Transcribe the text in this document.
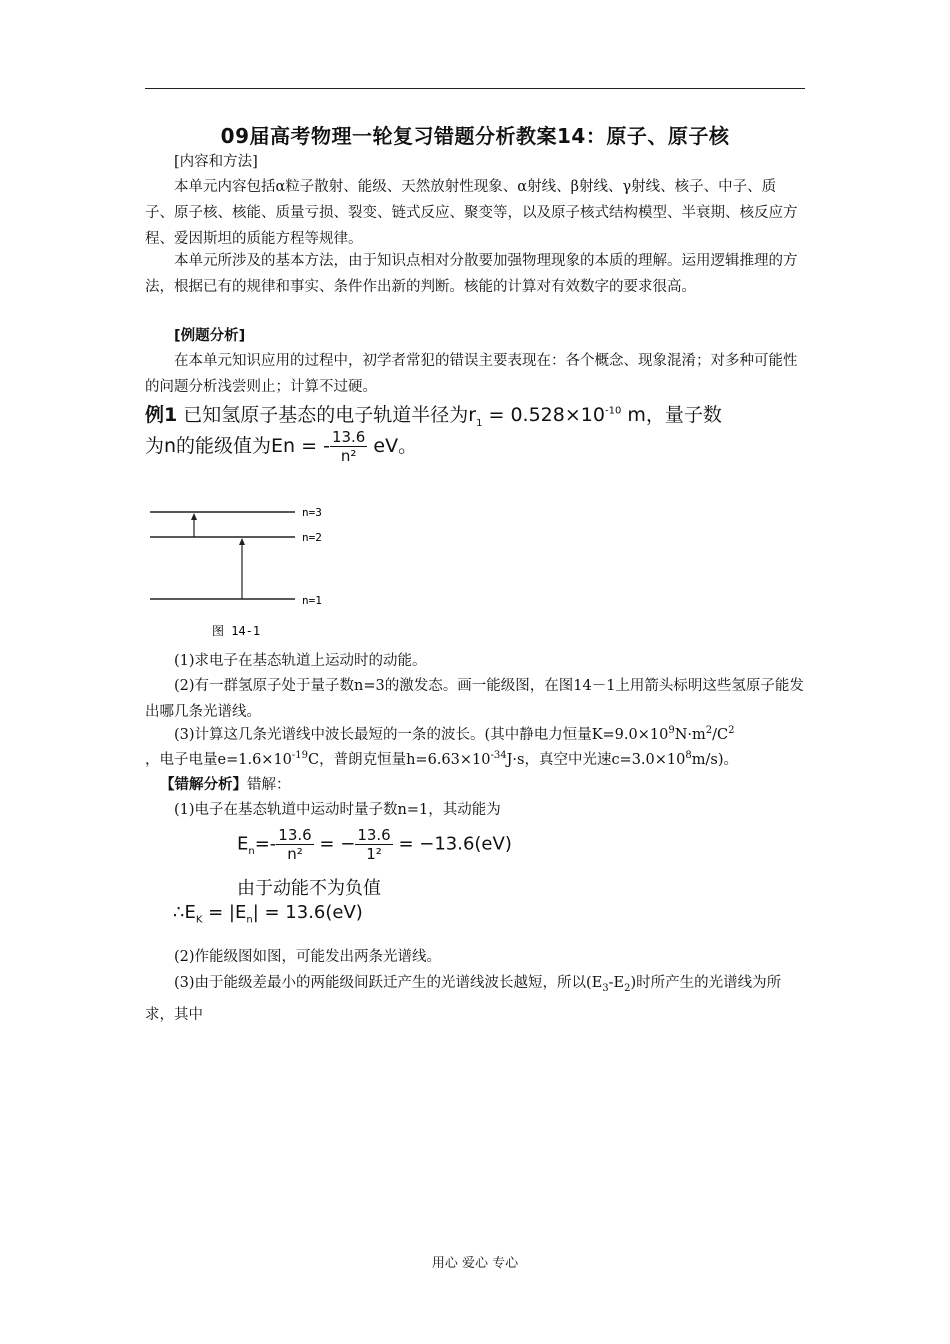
09届高考物理一轮复习错题分析教案14：原子、原子核
[内容和方法]
本单元内容包括α粒子散射、能级、天然放射性现象、α射线、β射线、γ射线、核子、中子、质子、原子核、核能、质量亏损、裂变、链式反应、聚变等，以及原子核式结构模型、半衰期、核反应方程、爱因斯坦的质能方程等规律。
本单元所涉及的基本方法，由于知识点相对分散要加强物理现象的本质的理解。运用逻辑推理的方法，根据已有的规律和事实、条件作出新的判断。核能的计算对有效数字的要求很高。
[例题分析]
在本单元知识应用的过程中，初学者常犯的错误主要表现在：各个概念、现象混淆；对多种可能性的问题分析浅尝则止；计算不过硬。
例1 已知氢原子基态的电子轨道半径为$r_1 = 0.528\times 10^{-10}$ m，量子数
为n的能级值为En = - $\frac{13.6}{\text{n²}}$ eV。
n=3
n=2
n=1
图 14-1
(1)求电子在基态轨道上运动时的动能。
(2)有一群氢原子处于量子数n=3的激发态。画一能级图，在图14－1上用箭头标明这些氢原子能发出哪几条光谱线。
(3)计算这几条光谱线中波长最短的一条的波长。(其中静电力恒量$K=9.0\times 10^9N\cdot m^2/C^2$
，电子电量$e=1.6\times 10^{-19}C$，普朗克恒量$h=6.63\times 10^{-34}J\cdot s$，真空中光速$c=3.0\times 10^8m/s$)。
【错解分析】错解：
(1)电子在基态轨道中运动时量子数n=1，其动能为
$E_n=- \frac{13.6}{\text{n²}}$ = − $\frac{13.6}{\text{1²}} = -13.6(eV)$
由于动能不为负值
$\therefore E_K = |E_n| = 13.6(eV)$
(2)作能级图如图，可能发出两条光谱线。
(3)由于能级差最小的两能级间跃迁产生的光谱线波长越短，所以$(E_3-E_2)$时所产生的光谱线为所求，其中
用心 爱心 专心
